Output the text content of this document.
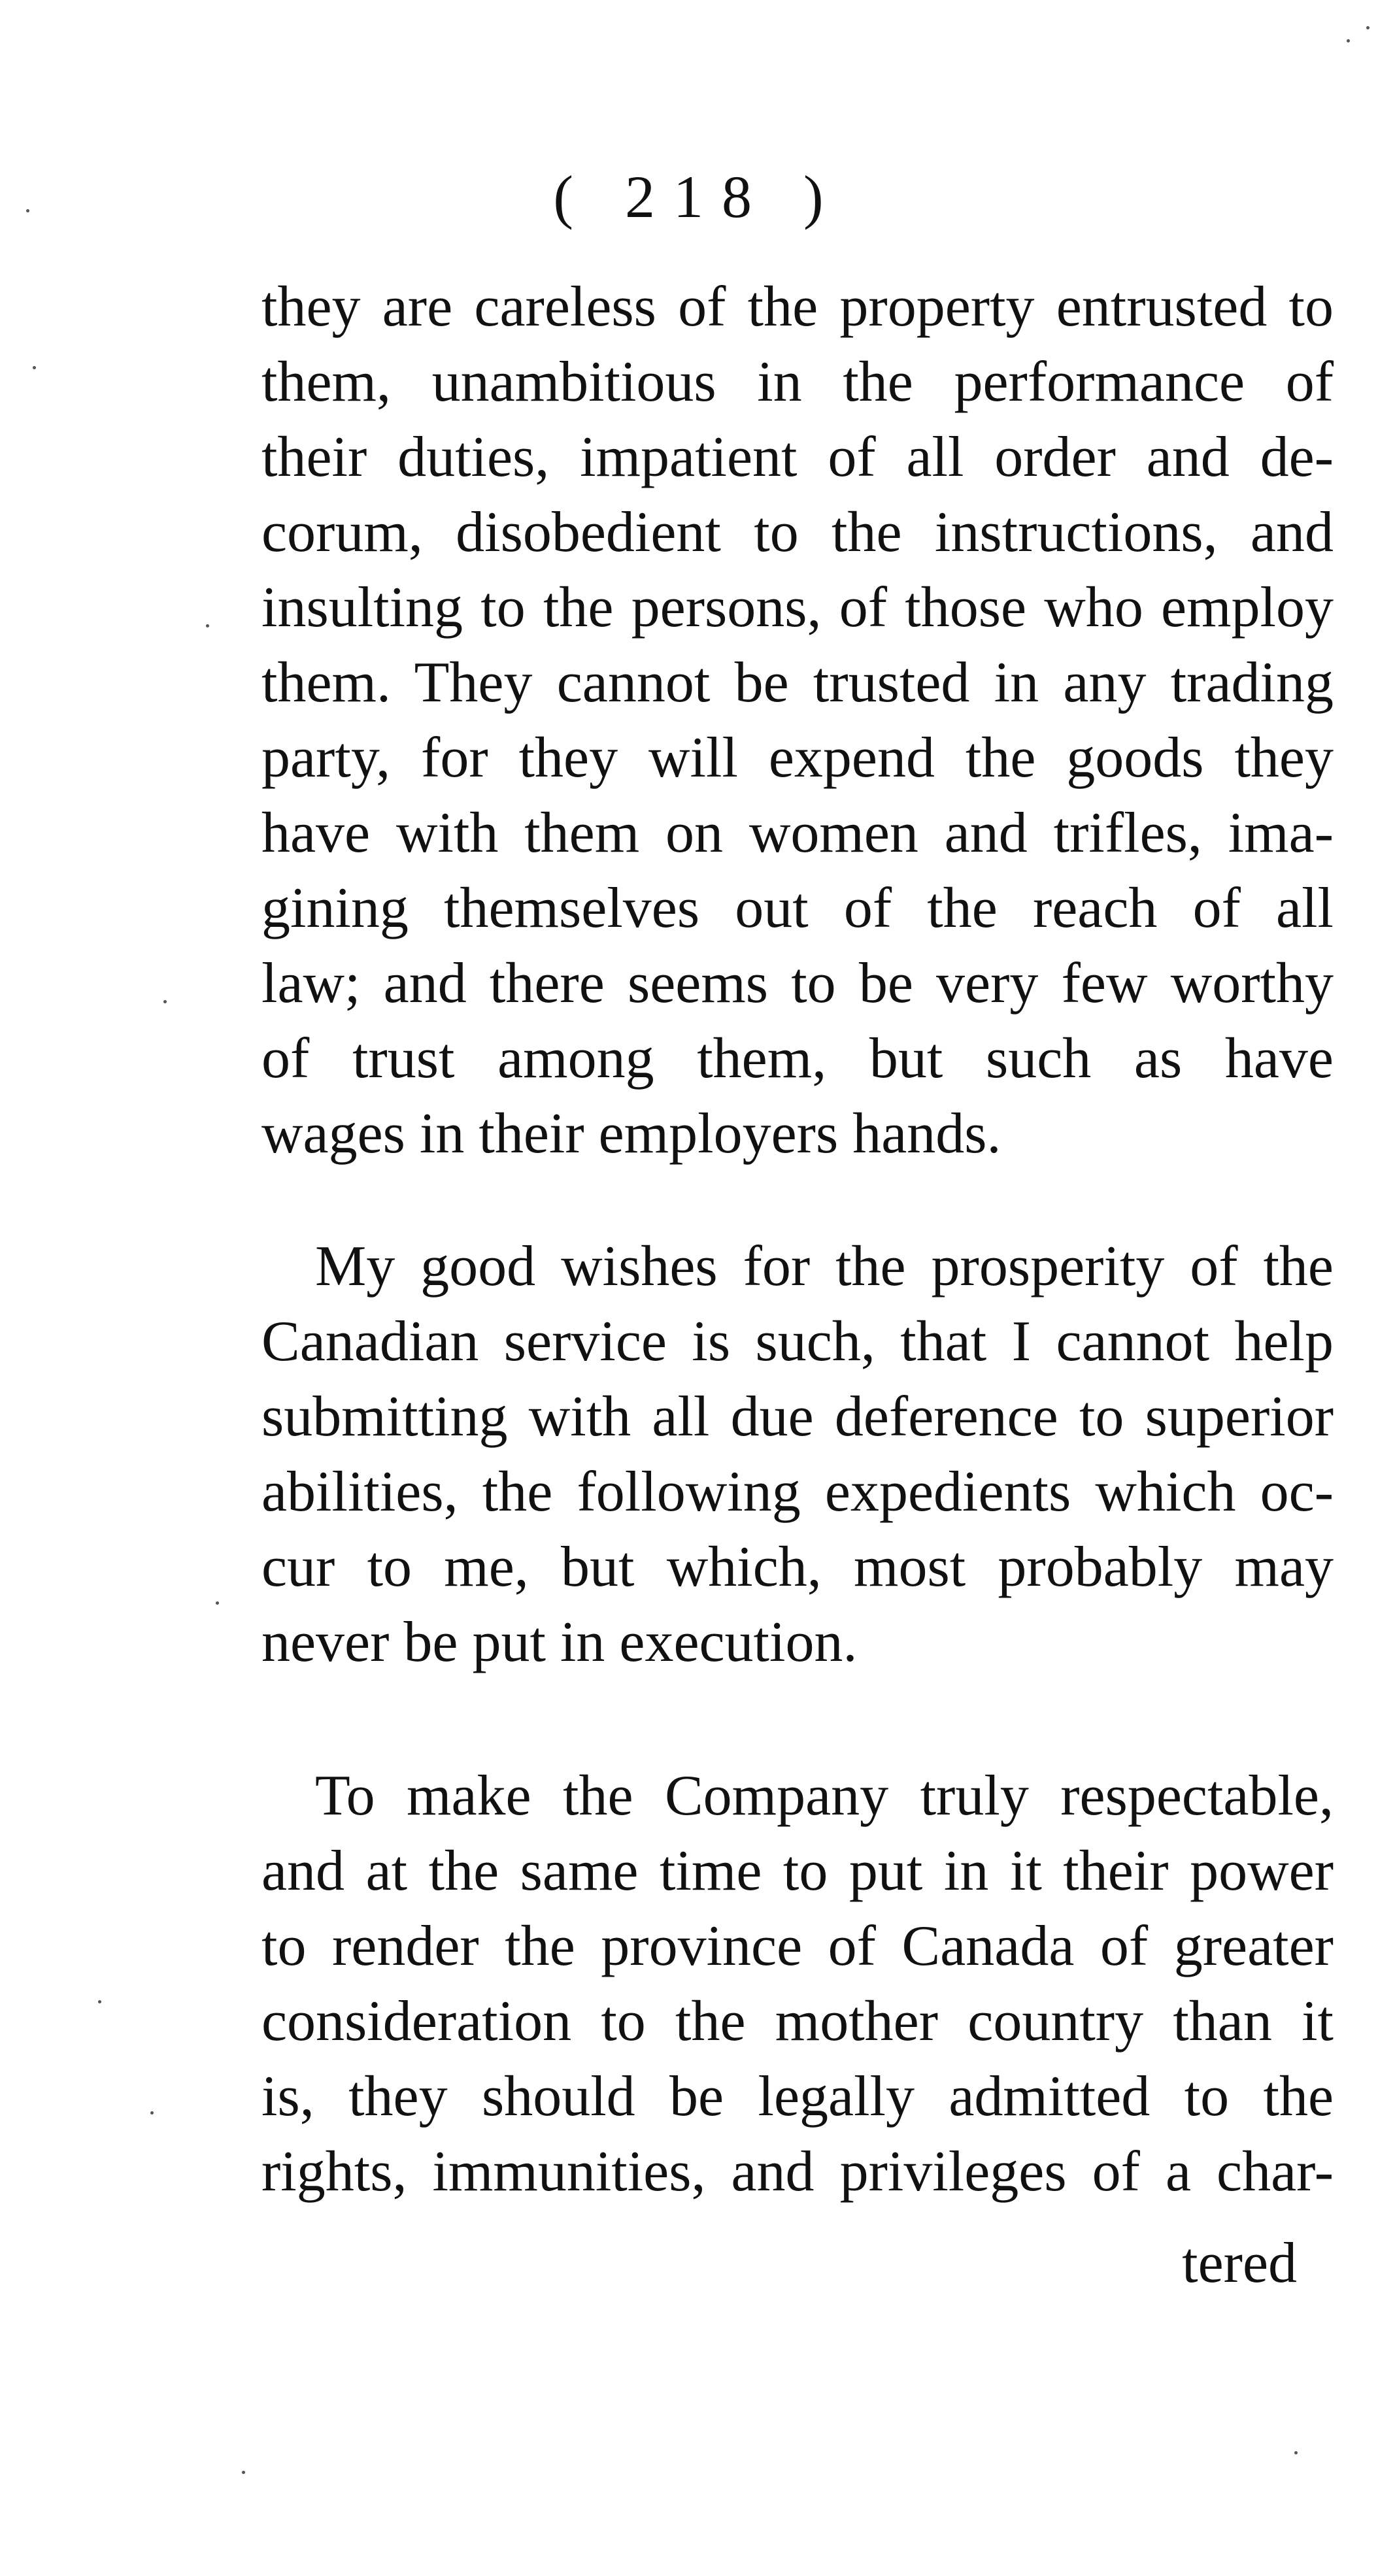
( 218 )
they are careless of the property entrusted to
them, unambitious in the performance of
their duties, impatient of all order and de-
corum, disobedient to the instructions, and
insulting to the persons, of those who employ
them. They cannot be trusted in any trading
party, for they will expend the goods they
have with them on women and trifles, ima-
gining themselves out of the reach of all
law; and there seems to be very few worthy
of trust among them, but such as have
wages in their employers hands.
My good wishes for the prosperity of the
Canadian service is such, that I cannot help
submitting with all due deference to superior
abilities, the following expedients which oc-
cur to me, but which, most probably may
never be put in execution.
To make the Company truly respectable,
and at the same time to put in it their power
to render the province of Canada of greater
consideration to the mother country than it
is, they should be legally admitted to the
rights, immunities, and privileges of a char-
tered
